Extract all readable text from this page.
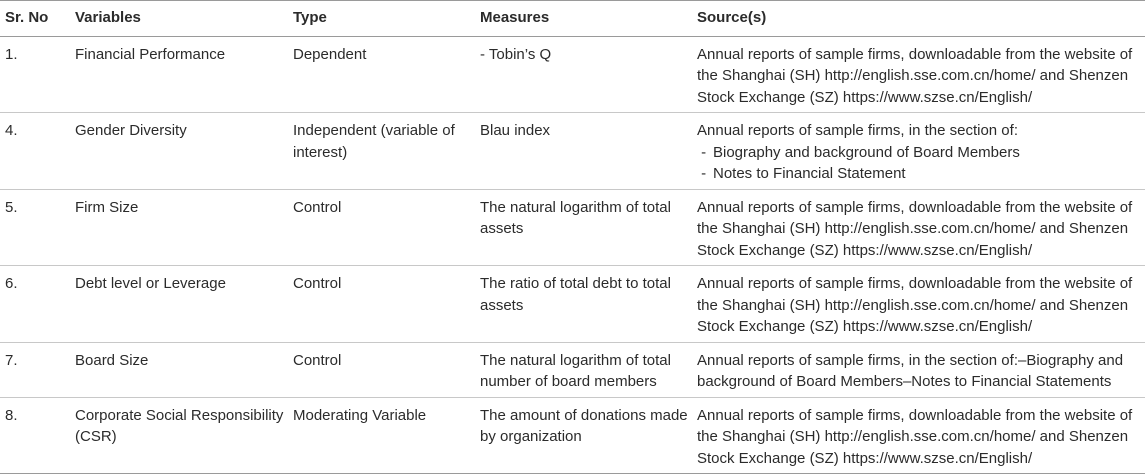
Sr. No	Variables	Type	Measures	Source(s)
1.	Financial Performance	Dependent	- Tobin’s Q	Annual reports of sample firms, downloadable from the website of the Shanghai (SH) http://english.sse.com.cn/home/ and Shenzen Stock Exchange (SZ) https://www.szse.cn/English/
4.	Gender Diversity	Independent (variable of interest)	Blau index	Annual reports of sample firms, in the section of:
- Biography and background of Board Members
- Notes to Financial Statement

5.	Firm Size	Control	The natural logarithm of total assets	Annual reports of sample firms, downloadable from the website of the Shanghai (SH) http://english.sse.com.cn/home/ and Shenzen Stock Exchange (SZ) https://www.szse.cn/English/
6.	Debt level or Leverage	Control	The ratio of total debt to total assets	Annual reports of sample firms, downloadable from the website of the Shanghai (SH) http://english.sse.com.cn/home/ and Shenzen Stock Exchange (SZ) https://www.szse.cn/English/
7.	Board Size	Control	The natural logarithm of total number of board members	Annual reports of sample firms, in the section of:–Biography and background of Board Members–Notes to Financial Statements
8.	Corporate Social Responsibility (CSR)	Moderating Variable	The amount of donations made by organization	Annual reports of sample firms, downloadable from the website of the Shanghai (SH) http://english.sse.com.cn/home/ and Shenzen Stock Exchange (SZ) https://www.szse.cn/English/
